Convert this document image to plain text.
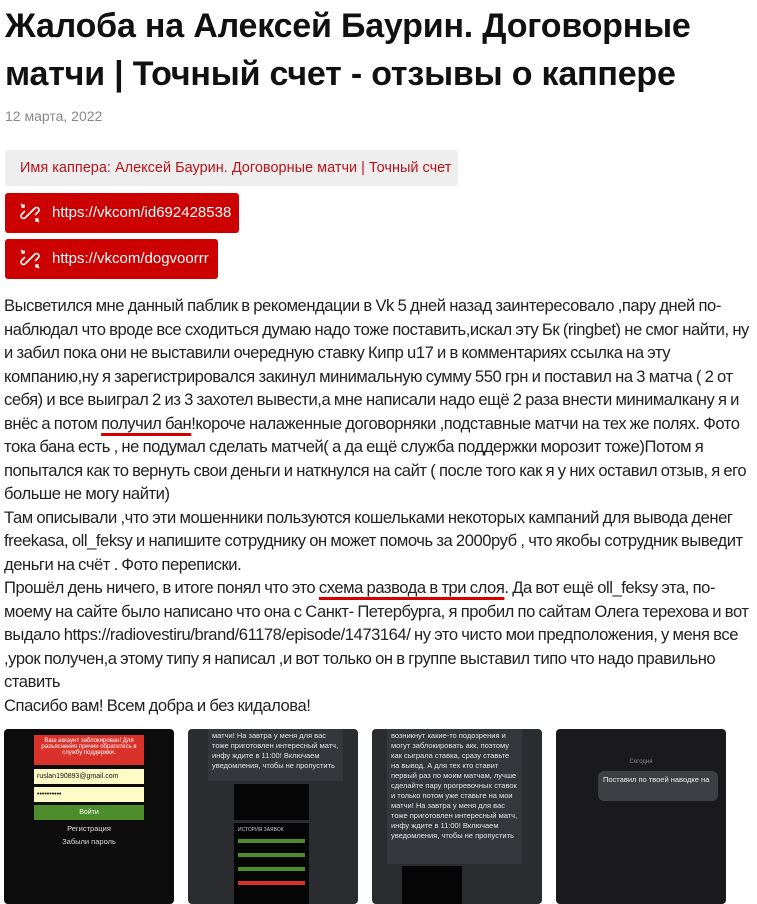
Жалоба на Алексей Баурин. Договорные матчи | Точный счет - отзывы о каппере
12 марта, 2022
Имя каппера: Алексей Баурин. Договорные матчи | Точный счет
https://vkcom/id692428538
https://vkcom/dogvoorrr

Высветился мне данный паблик в рекомендации в Vk 5 дней назад заинтересовало ,пару дней по-наблюдал что вроде все сходиться думаю надо тоже поставить,искал эту Бк (ringbet) не смог найти, ну и забил пока они не выставили очередную ставку Кипр u17 и в комментариях ссылка на эту компанию,ну я зарегистрировался закинул минимальную сумму 550 грн и поставил на 3 матча ( 2 от себя) и все выиграл 2 из 3 захотел вывести,а мне написали надо ещё 2 раза внести минималкану я и внёс а потом получил бан!короче налаженные договорняки ,подставные матчи на тех же полях. Фото тока бана есть , не подумал сделать матчей( а да ещё служба поддержки морозит тоже)Потом я попытался как то вернуть свои деньги и наткнулся на сайт ( после того как я у них оставил отзыв, я его больше не могу найти)

Там описывали ,что эти мошенники пользуются кошельками некоторых кампаний для вывода денег freekasa, oll_feksy и напишите сотруднику он может помочь за 2000руб , что якобы сотрудник выведит деньги на счёт . Фото переписки.

Прошёл день ничего, в итоге понял что это схема развода в три слоя. Да вот ещё oll_feksy эта, по-моему на сайте было написано что она с Санкт- Петербурга, я пробил по сайтам Олега терехова и вот выдало https://radiovestiru/brand/61178/episode/1473164/ ну это чисто мои предположения, у меня все ,урок получен,а этому типу я написал ,и вот только он в группе выставил типо что надо правильно ставить

Спасибо вам! Всем добра и без кидалова!

Ваш аккаунт заблокирован! Для разъяснения причин обратитесь в службу поддержки.
ruslan190893@gmail.com
••••••••••
Войти
Регистрация
Забыли пароль
матчи! На завтра у меня для вас тоже приготовлен интересный матч, инфу ждите в 11:00! Включаем уведомления, чтобы не пропустить
ИСТОРИЯ ЗАЯВОК
возникнут какие-то подозрения и могут заблокировать акк, поэтому как сыграла ставка, сразу ставьте на вывод. А для тех кто ставит первый раз по моим матчам, лучше сделайте пару прогревочных ставок и только потом уже ставьте на мои матчи! На завтра у меня для вас тоже приготовлен интересный матч, инфу ждите в 11:00! Включаем уведомления, чтобы не пропустить
Сегодня
Поставил по твоей наводке на
